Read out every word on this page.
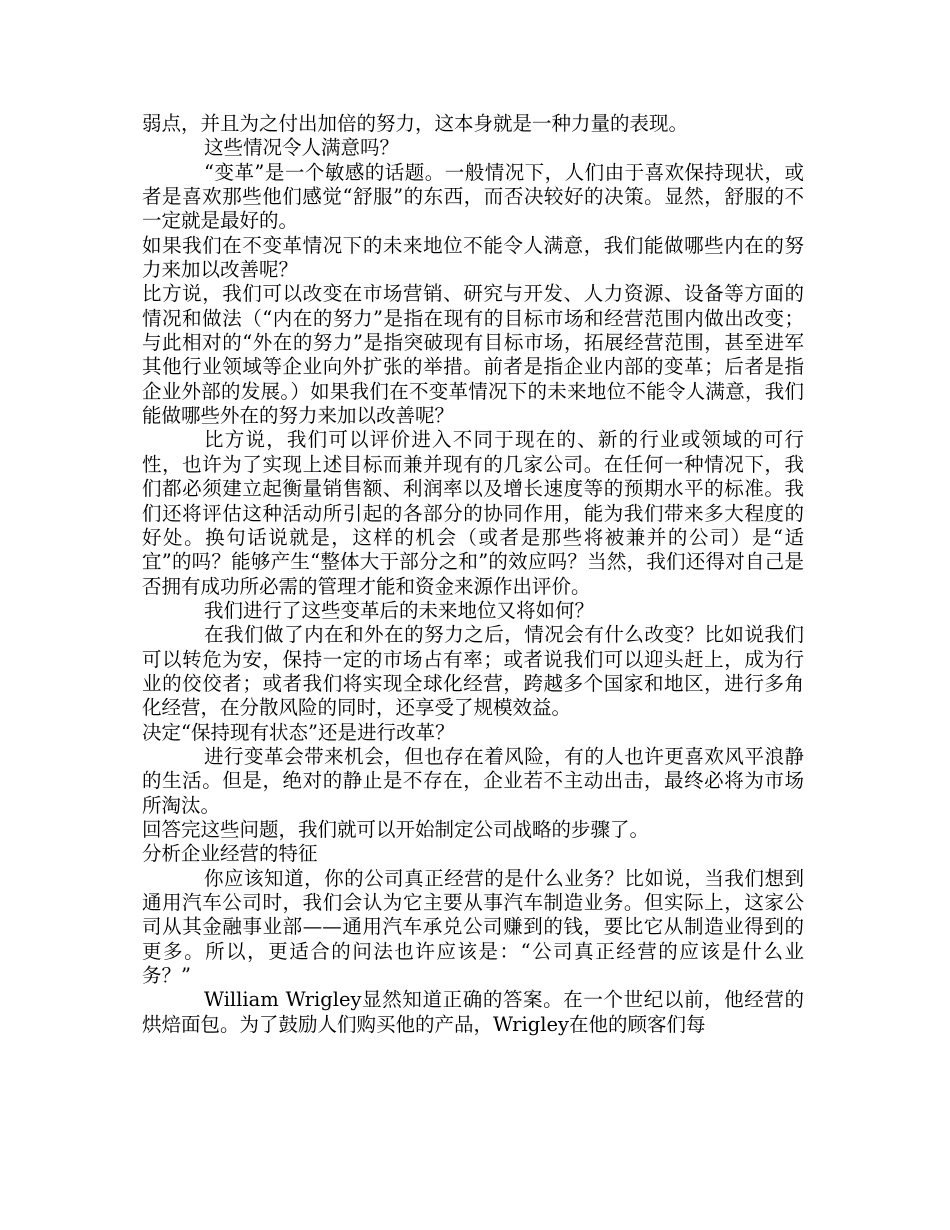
弱点，并且为之付出加倍的努力，这本身就是一种力量的表现。

这些情况令人满意吗？

“变革”是一个敏感的话题。一般情况下，人们由于喜欢保持现状，或者是喜欢那些他们感觉“舒服”的东西，而否决较好的决策。显然，舒服的不一定就是最好的。

如果我们在不变革情况下的未来地位不能令人满意，我们能做哪些内在的努力来加以改善呢？

比方说，我们可以改变在市场营销、研究与开发、人力资源、设备等方面的情况和做法（“内在的努力”是指在现有的目标市场和经营范围内做出改变；与此相对的“外在的努力”是指突破现有目标市场，拓展经营范围，甚至进军其他行业领域等企业向外扩张的举措。前者是指企业内部的变革；后者是指企业外部的发展。）如果我们在不变革情况下的未来地位不能令人满意，我们能做哪些外在的努力来加以改善呢？

比方说，我们可以评价进入不同于现在的、新的行业或领域的可行性，也许为了实现上述目标而兼并现有的几家公司。在任何一种情况下，我们都必须建立起衡量销售额、利润率以及增长速度等的预期水平的标准。我们还将评估这种活动所引起的各部分的协同作用，能为我们带来多大程度的好处。换句话说就是，这样的机会（或者是那些将被兼并的公司）是“适宜”的吗？能够产生“整体大于部分之和”的效应吗？当然，我们还得对自己是否拥有成功所必需的管理才能和资金来源作出评价。

我们进行了这些变革后的未来地位又将如何？

在我们做了内在和外在的努力之后，情况会有什么改变？比如说我们可以转危为安，保持一定的市场占有率；或者说我们可以迎头赶上，成为行业的佼佼者；或者我们将实现全球化经营，跨越多个国家和地区，进行多角化经营，在分散风险的同时，还享受了规模效益。

决定“保持现有状态”还是进行改革？

进行变革会带来机会，但也存在着风险，有的人也许更喜欢风平浪静的生活。但是，绝对的静止是不存在，企业若不主动出击，最终必将为市场所淘汰。

回答完这些问题，我们就可以开始制定公司战略的步骤了。

分析企业经营的特征

你应该知道，你的公司真正经营的是什么业务？比如说，当我们想到通用汽车公司时，我们会认为它主要从事汽车制造业务。但实际上，这家公司从其金融事业部——通用汽车承兑公司赚到的钱，要比它从制造业得到的更多。所以，更适合的问法也许应该是：“公司真正经营的应该是什么业务？”

William Wrigley显然知道正确的答案。在一个世纪以前，他经营的烘焙面包。为了鼓励人们购买他的产品，Wrigley在他的顾客们每
